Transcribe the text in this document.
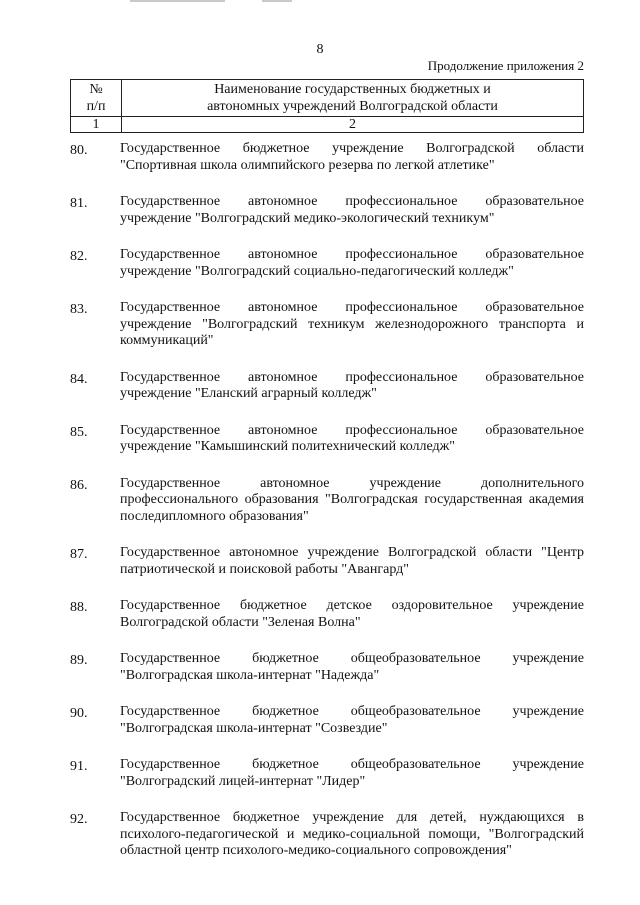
8
Продолжение приложения 2
№ п/п	Наименование государственных бюджетных и автономных учреждений Волгоградской области

1	2
80.	Государственное бюджетное учреждение Волгоградской области "Спортивная школа олимпийского резерва по легкой атлетике"
81.	Государственное автономное профессиональное образовательное учреждение "Волгоградский медико-экологический техникум"
82.	Государственное автономное профессиональное образовательное учреждение "Волгоградский социально-педагогический колледж"
83.	Государственное автономное профессиональное образовательное учреждение "Волгоградский техникум железнодорожного транспорта и коммуникаций"
84.	Государственное автономное профессиональное образовательное учреждение "Еланский аграрный колледж"
85.	Государственное автономное профессиональное образовательное учреждение "Камышинский политехнический колледж"
86.	Государственное автономное учреждение дополнительного профессионального образования "Волгоградская государственная академия последипломного образования"
87.	Государственное автономное учреждение Волгоградской области "Центр патриотической и поисковой работы "Авангард"
88.	Государственное бюджетное детское оздоровительное учреждение Волгоградской области "Зеленая Волна"
89.	Государственное бюджетное общеобразовательное учреждение "Волгоградская школа-интернат "Надежда"
90.	Государственное бюджетное общеобразовательное учреждение "Волгоградская школа-интернат "Созвездие"
91.	Государственное бюджетное общеобразовательное учреждение "Волгоградский лицей-интернат "Лидер"
92.	Государственное бюджетное учреждение для детей, нуждающихся в психолого-педагогической и медико-социальной помощи, "Волгоградский областной центр психолого-медико-социального сопровождения"
